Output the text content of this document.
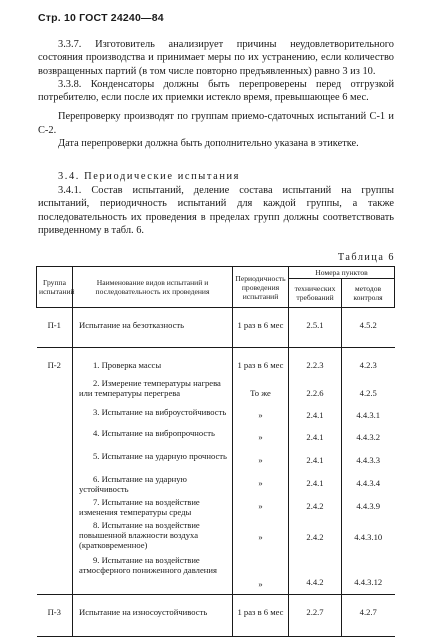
Стр. 10 ГОСТ 24240—84

3.3.7. Изготовитель анализирует причины неудовлетворительного состояния производства и принимает меры по их устранению, если количество возвращенных партий (в том числе повторно предъявленных) равно 3 из 10.

3.3.8. Конденсаторы должны быть перепроверены перед отгрузкой потребителю, если после их приемки истекло время, превышающее 6 мес.

Перепроверку производят по группам приемо-сдаточных испытаний С-1 и С-2.

Дата перепроверки должна быть дополнительно указана в этикетке.

3.4. Периодические испытания

3.4.1. Состав испытаний, деление состава испытаний на группы испытаний, периодичность испытаний для каждой группы, а также последовательность их проведения в пределах групп должны соответствовать приведенному в табл. 6.

Таблица 6
Группа испытаний	Наименование видов испытаний и последовательность их проведения	Периодичность проведения испытаний	Номера пунктов	
			технических требований	методов контроля
П-1	Испытание на безотказность	1 раз в 6 мес	2.5.1	4.5.2
П-2	1. Проверка массы	1 раз в 6 мес	2.2.3	4.2.3
	2. Измерение температуры нагрева или температуры перегрева	То же	2.2.6	4.2.5
	3. Испытание на виброустойчивость	»	2.4.1	4.4.3.1
	4. Испытание на вибропрочность	»	2.4.1	4.4.3.2
	5. Испытание на ударную прочность	»	2.4.1	4.4.3.3
	6. Испытание на ударную устойчивость	»	2.4.1	4.4.3.4
	7. Испытание на воздействие изменения температуры среды	»	2.4.2	4.4.3.9
	8. Испытание на воздействие повышенной влажности воздуха (кратковременное)	»	2.4.2	4.4.3.10
	9. Испытание на воздействие атмосферного пониженного давления	»	4.4.2	4.4.3.12
П-3	Испытание на износоустойчивость	1 раз в 6 мес	2.2.7	4.2.7
